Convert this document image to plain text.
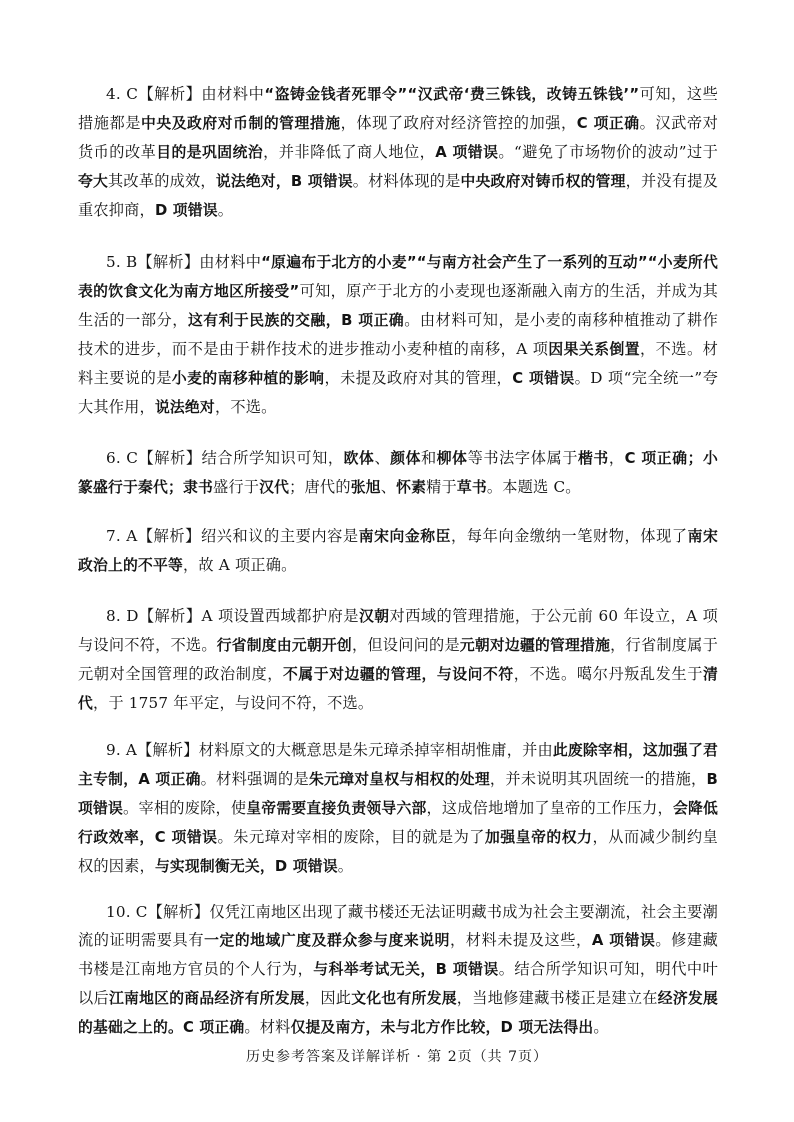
4. C【解析】由材料中“盗铸金钱者死罪令”“汉武帝‘费三铢钱，改铸五铢钱’”可知，这些措施都是中央及政府对币制的管理措施，体现了政府对经济管控的加强，C 项正确。汉武帝对货币的改革目的是巩固统治，并非降低了商人地位，A 项错误。“避免了市场物价的波动”过于夸大其改革的成效，说法绝对，B 项错误。材料体现的是中央政府对铸币权的管理，并没有提及重农抑商，D 项错误。
5. B【解析】由材料中“原遍布于北方的小麦”“与南方社会产生了一系列的互动”“小麦所代表的饮食文化为南方地区所接受”可知，原产于北方的小麦现也逐渐融入南方的生活，并成为其生活的一部分，这有利于民族的交融，B 项正确。由材料可知，是小麦的南移种植推动了耕作技术的进步，而不是由于耕作技术的进步推动小麦种植的南移，A 项因果关系倒置，不选。材料主要说的是小麦的南移种植的影响，未提及政府对其的管理，C 项错误。D 项“完全统一”夸大其作用，说法绝对，不选。
6. C【解析】结合所学知识可知，欧体、颜体和柳体等书法字体属于楷书，C 项正确；小篆盛行于秦代；隶书盛行于汉代；唐代的张旭、怀素精于草书。本题选 C。
7. A【解析】绍兴和议的主要内容是南宋向金称臣，每年向金缴纳一笔财物，体现了南宋政治上的不平等，故 A 项正确。
8. D【解析】A 项设置西域都护府是汉朝对西域的管理措施，于公元前 60 年设立，A 项与设问不符，不选。行省制度由元朝开创，但设问问的是元朝对边疆的管理措施，行省制度属于元朝对全国管理的政治制度，不属于对边疆的管理，与设问不符，不选。噶尔丹叛乱发生于清代，于 1757 年平定，与设问不符，不选。
9. A【解析】材料原文的大概意思是朱元璋杀掉宰相胡惟庸，并由此废除宰相，这加强了君主专制，A 项正确。材料强调的是朱元璋对皇权与相权的处理，并未说明其巩固统一的措施，B 项错误。宰相的废除，使皇帝需要直接负责领导六部，这成倍地增加了皇帝的工作压力，会降低行政效率，C 项错误。朱元璋对宰相的废除，目的就是为了加强皇帝的权力，从而减少制约皇权的因素，与实现制衡无关，D 项错误。
10. C【解析】仅凭江南地区出现了藏书楼还无法证明藏书成为社会主要潮流，社会主要潮流的证明需要具有一定的地域广度及群众参与度来说明，材料未提及这些，A 项错误。修建藏书楼是江南地方官员的个人行为，与科举考试无关，B 项错误。结合所学知识可知，明代中叶以后江南地区的商品经济有所发展，因此文化也有所发展，当地修建藏书楼正是建立在经济发展的基础之上的。C 项正确。材料仅提及南方，未与北方作比较，D 项无法得出。
历史参考答案及详解详析 · 第 2页（共 7页）
